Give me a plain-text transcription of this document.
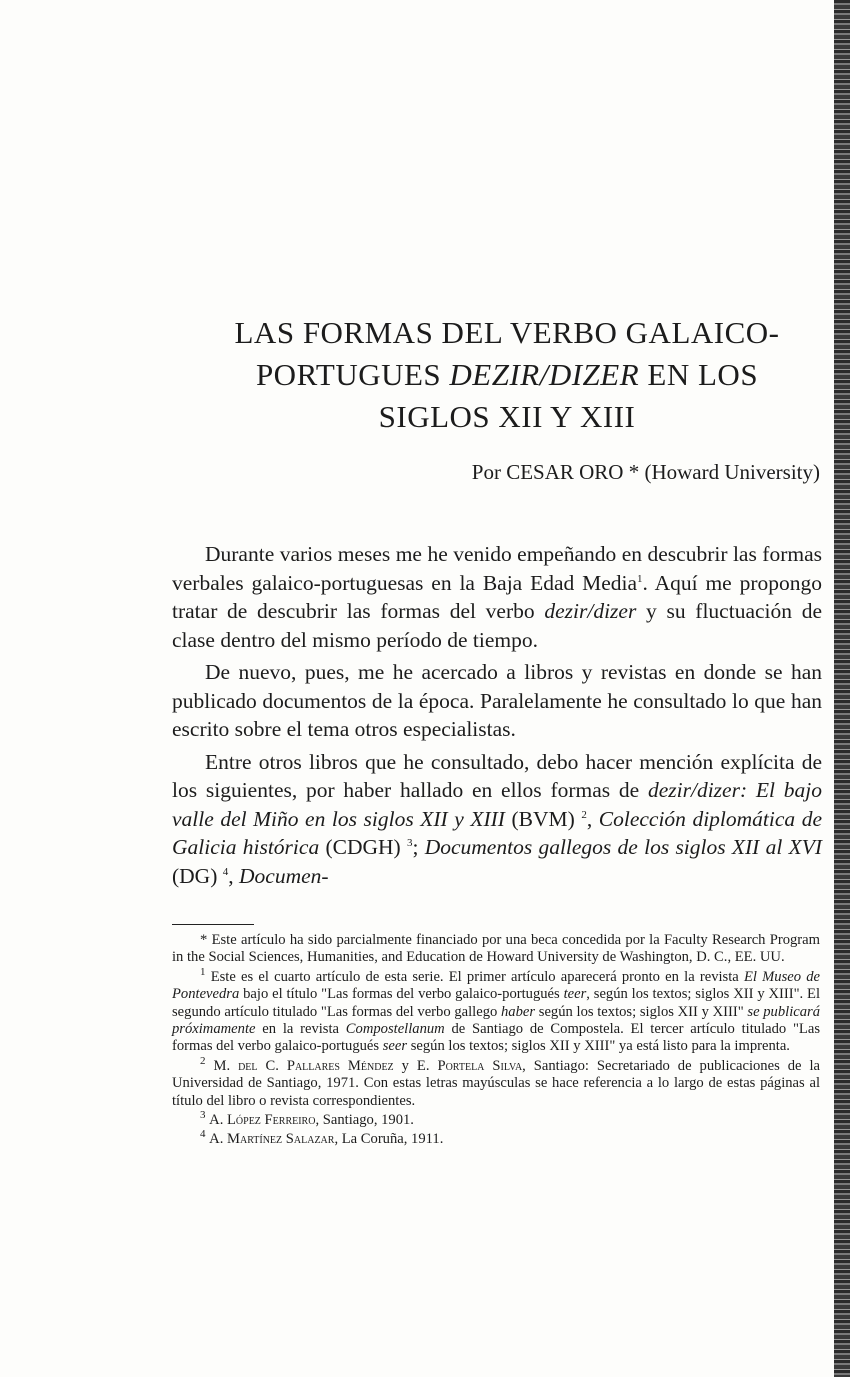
LAS FORMAS DEL VERBO GALAICO-
PORTUGUES DEZIR/DIZER EN LOS
SIGLOS XII Y XIII
Por CESAR ORO * (Howard University)

Durante varios meses me he venido empeñando en descubrir las formas verbales galaico-portuguesas en la Baja Edad Media$^1$. Aquí me propongo tratar de descubrir las formas del verbo dezir/dizer y su fluctuación de clase dentro del mismo período de tiempo.

De nuevo, pues, me he acercado a libros y revistas en donde se han publicado documentos de la época. Paralelamente he consultado lo que han escrito sobre el tema otros especialistas.

Entre otros libros que he consultado, debo hacer mención explícita de los siguientes, por haber hallado en ellos formas de dezir/dizer: El bajo valle del Miño en los siglos XII y XIII (BVM) $^2$, Colección diplomática de Galicia histórica (CDGH) $^3$; Documentos gallegos de los siglos XII al XVI (DG) $^4$, Documen-

* Este artículo ha sido parcialmente financiado por una beca concedida por la Faculty Research Program in the Social Sciences, Humanities, and Education de Howard University de Washington, D. C., EE. UU.

$^1$ Este es el cuarto artículo de esta serie. El primer artículo aparecerá pronto en la revista El Museo de Pontevedra bajo el título "Las formas del verbo galaico-portugués teer, según los textos; siglos XII y XIII". El segundo artículo titulado "Las formas del verbo gallego haber según los textos; siglos XII y XIII" se publicará próximamente en la revista Compostellanum de Santiago de Compostela. El tercer artículo titulado "Las formas del verbo galaico-portugués seer según los textos; siglos XII y XIII" ya está listo para la imprenta.

$^2$ M. del C. Pallares Méndez y E. Portela Silva, Santiago: Secretariado de publicaciones de la Universidad de Santiago, 1971. Con estas letras mayúsculas se hace referencia a lo largo de estas páginas al título del libro o revista correspondientes.

$^3$ A. López Ferreiro, Santiago, 1901.

$^4$ A. Martínez Salazar, La Coruña, 1911.
